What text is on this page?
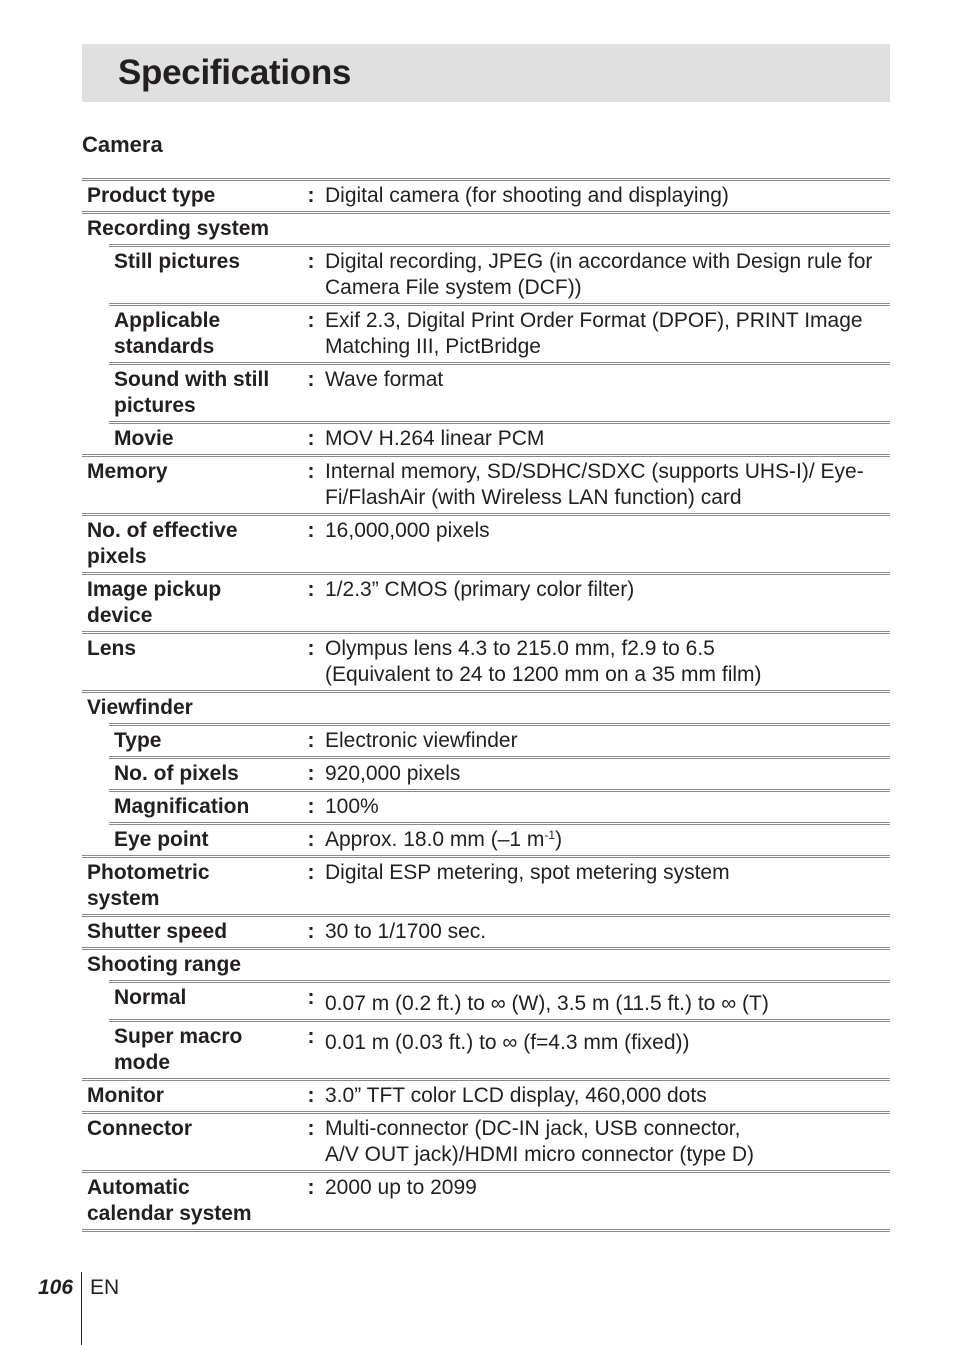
Specifications
Camera
Product type		:	Digital camera (for shooting and displaying)
Recording system			
	Still pictures	:	Digital recording, JPEG (in accordance with Design rule for Camera File system (DCF))
	Applicable standards	:	Exif 2.3, Digital Print Order Format (DPOF), PRINT Image Matching III, PictBridge
	Sound with still pictures	:	Wave format
	Movie	:	MOV H.264 linear PCM
Memory		:	Internal memory, SD/SDHC/SDXC (supports UHS-I)/ Eye-Fi/FlashAir (with Wireless LAN function) card
No. of effective pixels		:	16,000,000 pixels
Image pickup device		:	1/2.3” CMOS (primary color filter)
Lens		:	Olympus lens 4.3 to 215.0 mm, f2.9 to 6.5
(Equivalent to 24 to 1200 mm on a 35 mm film)

Viewfinder			
	Type	:	Electronic viewfinder
	No. of pixels	:	920,000 pixels
	Magnification	:	100%
	Eye point	:	Approx. 18.0 mm (–1 $m^{-1}$)
Photometric system		:	Digital ESP metering, spot metering system
Shutter speed		:	30 to 1/1700 sec.
Shooting range			
	Normal	:	0.07 m (0.2 ft.) to ∞ (W), 3.5 m (11.5 ft.) to ∞ (T)
	Super macro mode	:	0.01 m (0.03 ft.) to ∞ (f=4.3 mm (fixed))
Monitor		:	3.0” TFT color LCD display, 460,000 dots
Connector		:	Multi-connector (DC-IN jack, USB connector,
A/V OUT jack)/HDMI micro connector (type D)

Automatic calendar system		:	2000 up to 2099
106 EN
